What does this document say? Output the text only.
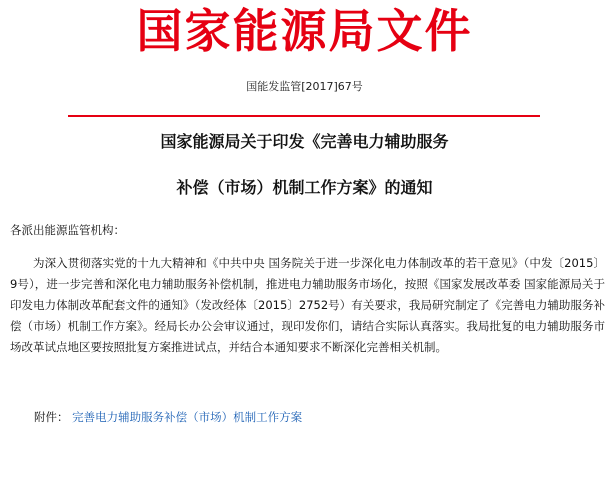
国家能源局文件
国能发监管[2017]67号
国家能源局关于印发《完善电力辅助服务
补偿（市场）机制工作方案》的通知
各派出能源监管机构：

为深入贯彻落实党的十九大精神和《中共中央 国务院关于进一步深化电力体制改革的若干意见》（中发〔2015〕9号），进一步完善和深化电力辅助服务补偿机制，推进电力辅助服务市场化，按照《国家发展改革委 国家能源局关于印发电力体制改革配套文件的通知》（发改经体〔2015〕2752号）有关要求，我局研究制定了《完善电力辅助服务补偿（市场）机制工作方案》。经局长办公会审议通过，现印发你们，请结合实际认真落实。我局批复的电力辅助服务市场改革试点地区要按照批复方案推进试点，并结合本通知要求不断深化完善相关机制。

附件： 完善电力辅助服务补偿（市场）机制工作方案
